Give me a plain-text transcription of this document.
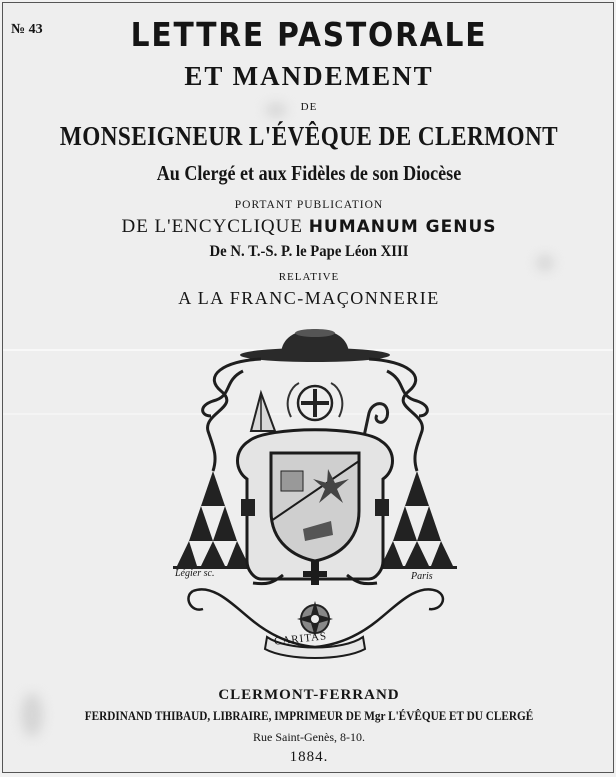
№ 43	LETTRE PASTORALE
ET MANDEMENT
DE
MONSEIGNEUR L'ÉVÊQUE DE CLERMONT
Au Clergé et aux Fidèles de son Diocèse
PORTANT PUBLICATION
DE L'ENCYCLIQUE HUMANUM GENUS
De N. T.-S. P. le Pape Léon XIII
RELATIVE
A LA FRANC-MAÇONNERIE
Légier sc.	Paris
CARITAS
CLERMONT-FERRAND
FERDINAND THIBAUD, LIBRAIRE, IMPRIMEUR DE Mgr L'ÉVÊQUE ET DU CLERGÉ
Rue Saint-Genès, 8-10.
1884.
